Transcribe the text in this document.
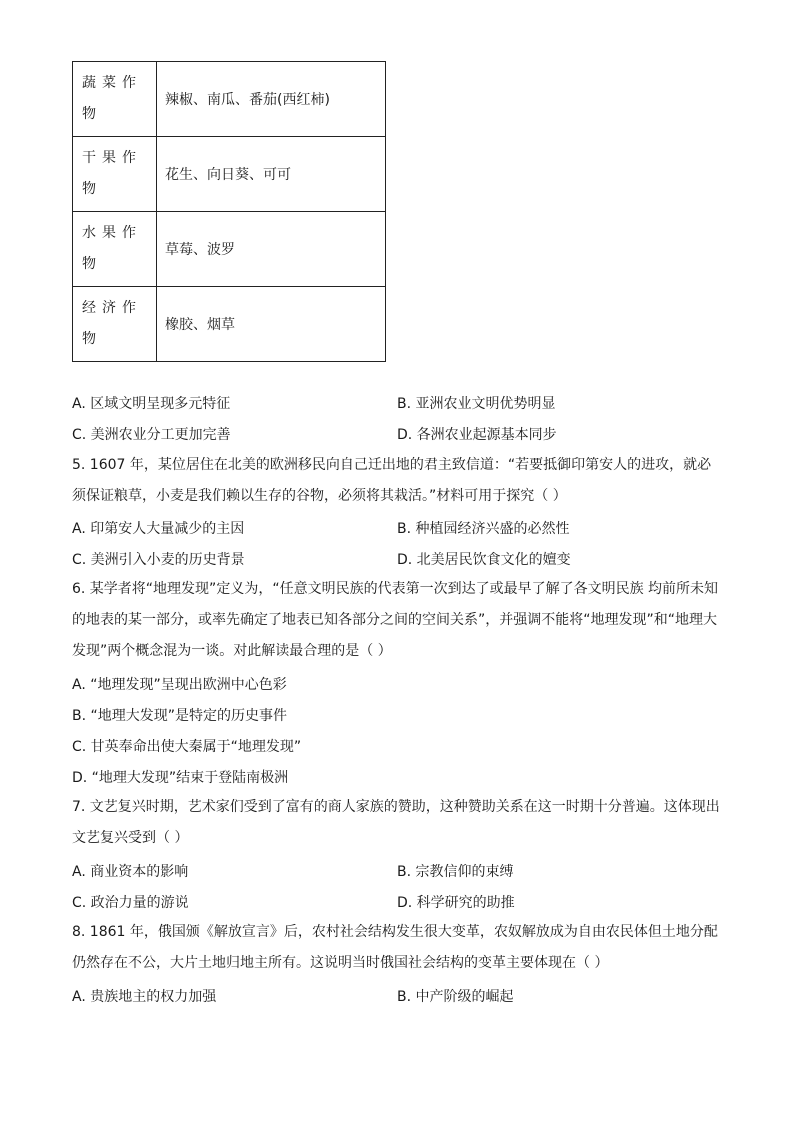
蔬菜作物	辣椒、南瓜、番茄(西红柿)
干果作物	花生、向日葵、可可
水果作物	草莓、波罗
经济作物	橡胶、烟草
A. 区域文明呈现多元特征	B. 亚洲农业文明优势明显
C. 美洲农业分工更加完善	D. 各洲农业起源基本同步
5. 1607 年，某位居住在北美的欧洲移民向自己迁出地的君主致信道：“若要抵御印第安人的进攻，就必须保证粮草，小麦是我们赖以生存的谷物，必须将其栽活。”材料可用于探究（ ）
A. 印第安人大量减少的主因	B. 种植园经济兴盛的必然性
C. 美洲引入小麦的历史背景	D. 北美居民饮食文化的嬗变
6. 某学者将“地理发现”定义为，“任意文明民族的代表第一次到达了或最早了解了各文明民族 均前所未知的地表的某一部分，或率先确定了地表已知各部分之间的空间关系”，并强调不能将“地理发现”和“地理大发现”两个概念混为一谈。对此解读最合理的是（ ）
A. “地理发现”呈现出欧洲中心色彩
B. “地理大发现”是特定的历史事件
C. 甘英奉命出使大秦属于“地理发现”
D. “地理大发现”结束于登陆南极洲
7. 文艺复兴时期，艺术家们受到了富有的商人家族的赞助，这种赞助关系在这一时期十分普遍。这体现出文艺复兴受到（ ）
A. 商业资本的影响	B. 宗教信仰的束缚
C. 政治力量的游说	D. 科学研究的助推
8. 1861 年，俄国颁《解放宣言》后，农村社会结构发生很大变革，农奴解放成为自由农民体但土地分配仍然存在不公，大片土地归地主所有。这说明当时俄国社会结构的变革主要体现在（ ）
A. 贵族地主的权力加强	B. 中产阶级的崛起
